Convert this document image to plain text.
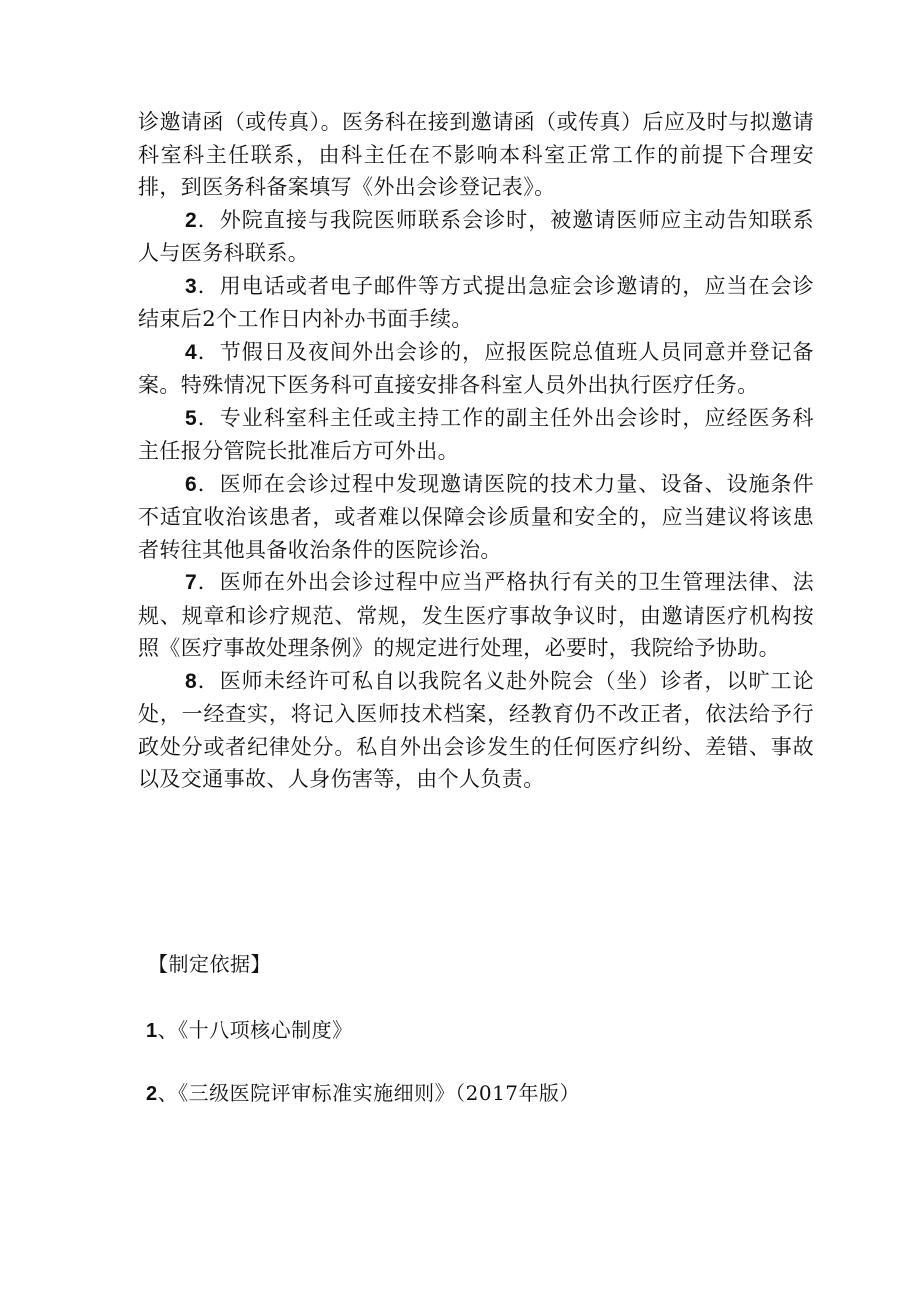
诊邀请函（或传真）。医务科在接到邀请函（或传真）后应及时与拟邀请科室科主任联系，由科主任在不影响本科室正常工作的前提下合理安排，到医务科备案填写《外出会诊登记表》。

2．外院直接与我院医师联系会诊时，被邀请医师应主动告知联系人与医务科联系。

3．用电话或者电子邮件等方式提出急症会诊邀请的，应当在会诊结束后2个工作日内补办书面手续。

4．节假日及夜间外出会诊的，应报医院总值班人员同意并登记备案。特殊情况下医务科可直接安排各科室人员外出执行医疗任务。

5．专业科室科主任或主持工作的副主任外出会诊时，应经医务科主任报分管院长批准后方可外出。

6．医师在会诊过程中发现邀请医院的技术力量、设备、设施条件不适宜收治该患者，或者难以保障会诊质量和安全的，应当建议将该患者转往其他具备收治条件的医院诊治。

7．医师在外出会诊过程中应当严格执行有关的卫生管理法律、法规、规章和诊疗规范、常规，发生医疗事故争议时，由邀请医疗机构按照《医疗事故处理条例》的规定进行处理，必要时，我院给予协助。

8．医师未经许可私自以我院名义赴外院会（坐）诊者，以旷工论处，一经查实，将记入医师技术档案，经教育仍不改正者，依法给予行政处分或者纪律处分。私自外出会诊发生的任何医疗纠纷、差错、事故以及交通事故、人身伤害等，由个人负责。

【制定依据】

1、《十八项核心制度》

2、《三级医院评审标准实施细则》（2017年版）
